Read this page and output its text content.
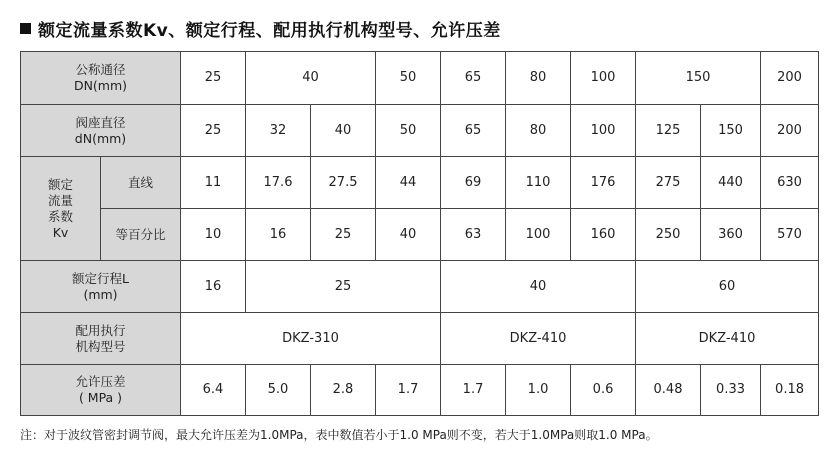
额定流量系数Kv、额定行程、配用执行机构型号、允许压差
公称通径
DN(mm)		25	40		50	65	80	100	150		200

阀座直径
dN(mm)		25	32	40	50	65	80	100	125	150	200

额定
流量
系数
Kv	直线	11	17.6	27.5	44	69	110	176	275	440	630
	等百分比	10	16	25	40	63	100	160	250	360	570

额定行程L
(mm)		16	25			40			60		

配用执行
机构型号		DKZ-310				DKZ-410			DKZ-410		

允许压差
( MPa )		6.4	5.0	2.8	1.7	1.7	1.0	0.6	0.48	0.33	0.18
注：对于波纹管密封调节阀，最大允许压差为1.0MPa，表中数值若小于1.0 MPa则不变，若大于1.0MPa则取1.0 MPa。
